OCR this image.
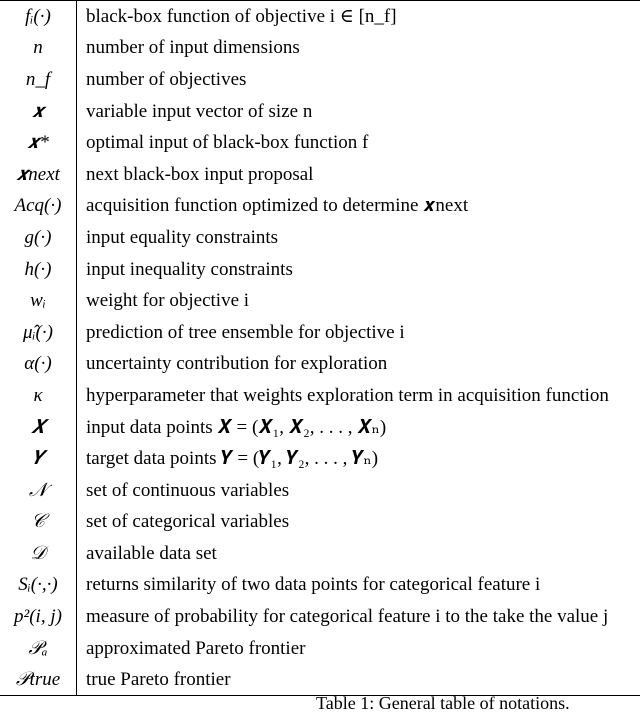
fᵢ(·)	black-box function of objective i ∈ [n_f]
n	number of input dimensions
n_f	number of objectives
𝒙	variable input vector of size n
𝒙*	optimal input of black-box function f
𝒙next	next black-box input proposal
Acq(·)	acquisition function optimized to determine 𝒙next
g(·)	input equality constraints
h(·)	input inequality constraints
wᵢ	weight for objective i
μ̂ᵢ(·)	prediction of tree ensemble for objective i
α(·)	uncertainty contribution for exploration
κ	hyperparameter that weights exploration term in acquisition function
𝑿	input data points 𝑿 = (𝑿₁, 𝑿₂, . . . , 𝑿ₙ)
𝒀	target data points 𝒀 = (𝒀₁, 𝒀₂, . . . , 𝒀ₙ)
𝒩	set of continuous variables
𝒞	set of categorical variables
𝒟	available data set
Sᵢ(·,·)	returns similarity of two data points for categorical feature i
p²(i, j)	measure of probability for categorical feature i to the take the value j
𝒫ₐ	approximated Pareto frontier
𝒫true	true Pareto frontier
Table 1: General table of notations.
